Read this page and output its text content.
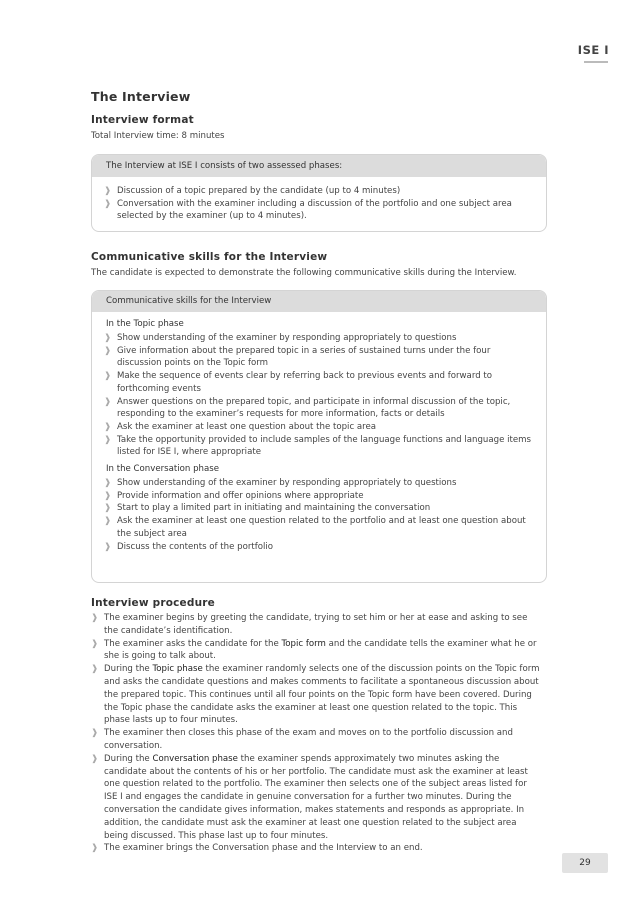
ISE I
The Interview
Interview format
Total Interview time: 8 minutes
The Interview at ISE I consists of two assessed phases:
❱ Discussion of a topic prepared by the candidate (up to 4 minutes)
❱ Conversation with the examiner including a discussion of the portfolio and one subject area selected by the examiner (up to 4 minutes).
Communicative skills for the Interview
The candidate is expected to demonstrate the following communicative skills during the Interview.
Communicative skills for the Interview
In the Topic phase
❱ Show understanding of the examiner by responding appropriately to questions
❱ Give information about the prepared topic in a series of sustained turns under the four discussion points on the Topic form
❱ Make the sequence of events clear by referring back to previous events and forward to forthcoming events
❱ Answer questions on the prepared topic, and participate in informal discussion of the topic, responding to the examiner’s requests for more information, facts or details
❱ Ask the examiner at least one question about the topic area
❱ Take the opportunity provided to include samples of the language functions and language items listed for ISE I, where appropriate
In the Conversation phase
❱ Show understanding of the examiner by responding appropriately to questions
❱ Provide information and offer opinions where appropriate
❱ Start to play a limited part in initiating and maintaining the conversation
❱ Ask the examiner at least one question related to the portfolio and at least one question about the subject area
❱ Discuss the contents of the portfolio
Interview procedure
❱ The examiner begins by greeting the candidate, trying to set him or her at ease and asking to see the candidate’s identification.
❱ The examiner asks the candidate for the Topic form and the candidate tells the examiner what he or she is going to talk about.
❱ During the Topic phase the examiner randomly selects one of the discussion points on the Topic form and asks the candidate questions and makes comments to facilitate a spontaneous discussion about the prepared topic. This continues until all four points on the Topic form have been covered. During the Topic phase the candidate asks the examiner at least one question related to the topic. This phase lasts up to four minutes.
❱ The examiner then closes this phase of the exam and moves on to the portfolio discussion and conversation.
❱ During the Conversation phase the examiner spends approximately two minutes asking the candidate about the contents of his or her portfolio. The candidate must ask the examiner at least one question related to the portfolio. The examiner then selects one of the subject areas listed for ISE I and engages the candidate in genuine conversation for a further two minutes. During the conversation the candidate gives information, makes statements and responds as appropriate. In addition, the candidate must ask the examiner at least one question related to the subject area being discussed. This phase last up to four minutes.
❱ The examiner brings the Conversation phase and the Interview to an end.
29
